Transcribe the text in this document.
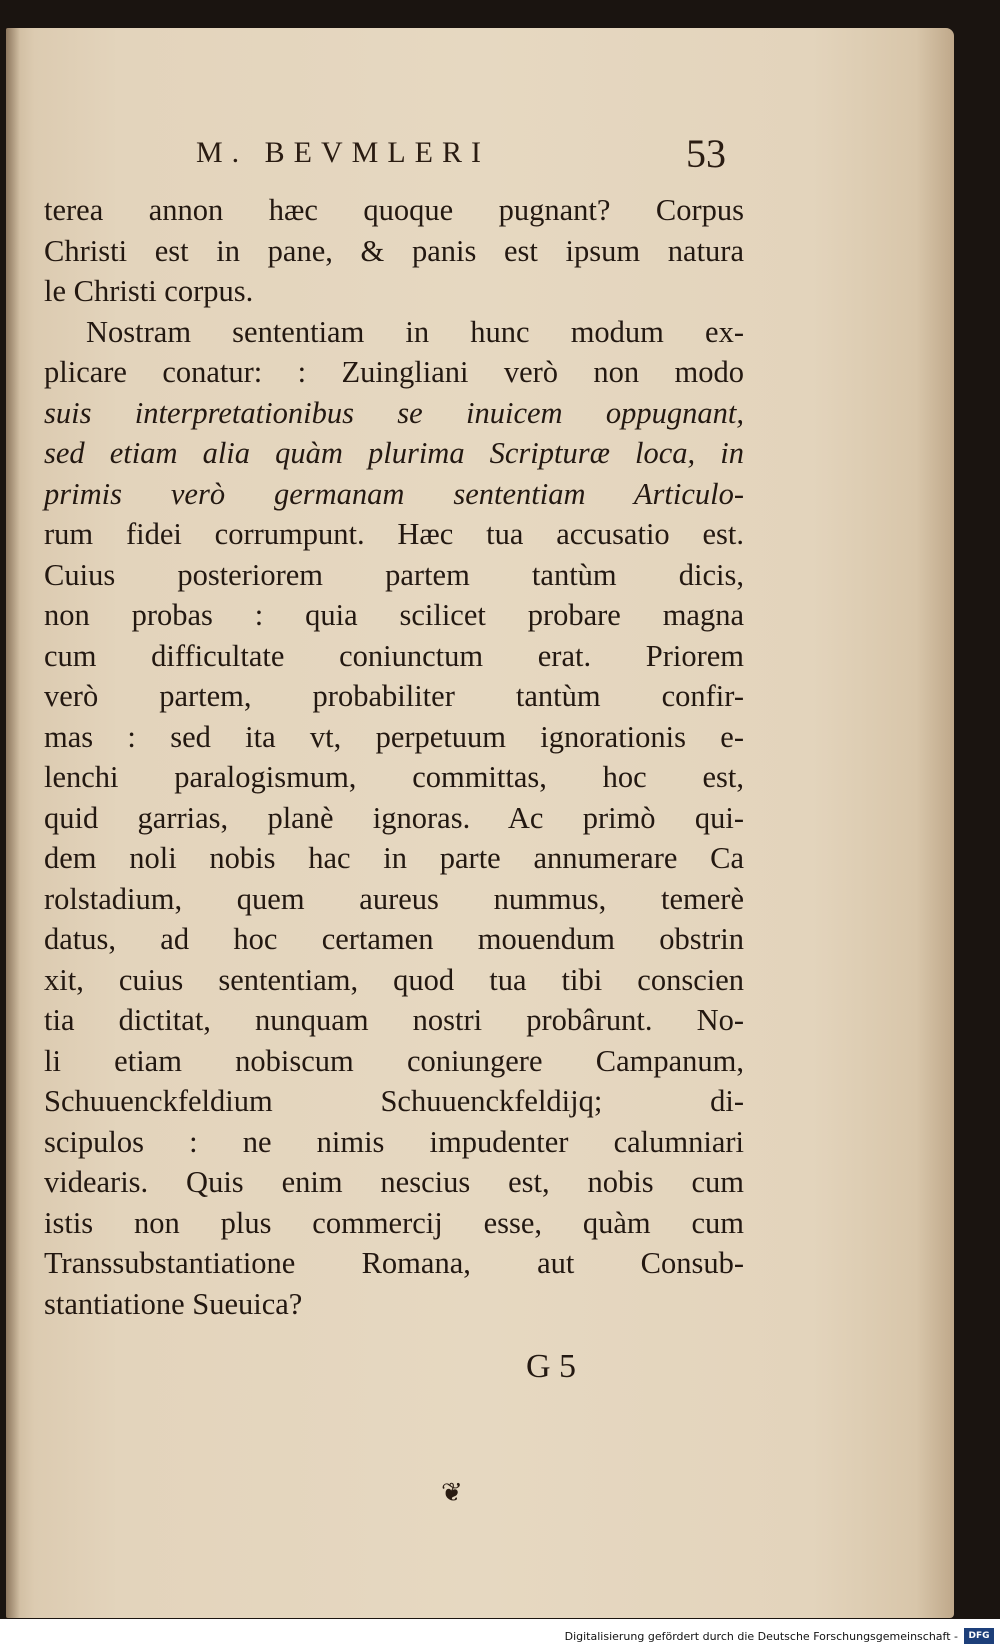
M. BEVMLERI	53
terea annon hæc quoque pugnant? Corpus
Christi est in pane, & panis est ipsum natura
le Christi corpus.
Nostram sententiam in hunc modum ex-
plicare conatur: : Zuingliani verò non modo
suis interpretationibus se inuicem oppugnant,
sed etiam alia quàm plurima Scripturæ loca, in
primis verò germanam sententiam Articulo-
rum fidei corrumpunt. Hæc tua accusatio est.
Cuius posteriorem partem tantùm dicis,
non probas : quia scilicet probare magna
cum difficultate coniunctum erat. Priorem
verò partem, probabiliter tantùm confir-
mas : sed ita vt, perpetuum ignorationis e-
lenchi paralogismum, committas, hoc est,
quid garrias, planè ignoras. Ac primò qui-
dem noli nobis hac in parte annumerare Ca
rolstadium, quem aureus nummus, temerè
datus, ad hoc certamen mouendum obstrin
xit, cuius sententiam, quod tua tibi conscien
tia dictitat, nunquam nostri probârunt. No-
li etiam nobiscum coniungere Campanum,
Schuuenckfeldium Schuuenckfeldijq; di-
scipulos : ne nimis impudenter calumniari
videaris. Quis enim nescius est, nobis cum
istis non plus commercij esse, quàm cum
Transsubstantiatione Romana, aut Consub-
stantiatione Sueuica?
G 5
❦
Digitalisierung gefördert durch die Deutsche Forschungsgemeinschaft -	DFG
